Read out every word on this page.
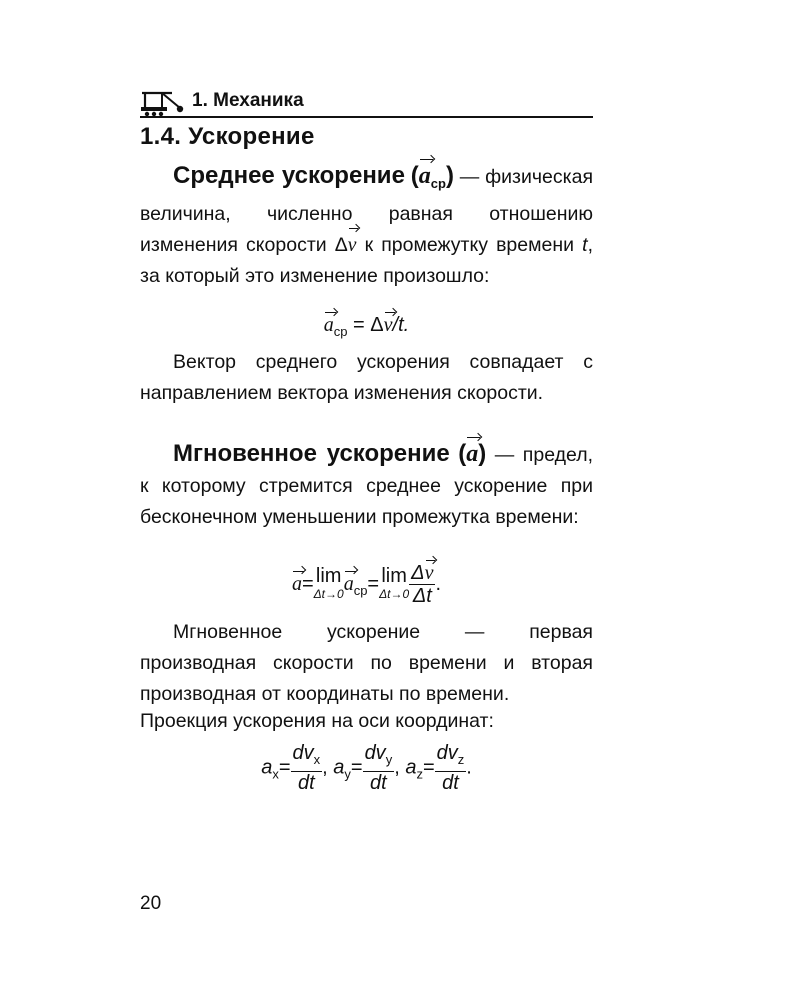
1. Механика
1.4. Ускорение
Среднее ускорение $(a_{ср})$ — физическая величина, численно равная отношению изменения скорости Δv к промежутку времени t, за который это изменение произошло:
$a_{ср} = \Delta v/t$.
Вектор среднего ускорения совпадает с направлением вектора изменения скорости.
Мгновенное ускорение (a) — предел, к которому стремится среднее ускорение при бесконечном уменьшении промежутка времени:
a= lim
Δt→0 $a_{cp}= \lim$
$\Delta t\to 0 \frac{\Delta v}{\Delta t}$ .
Мгновенное ускорение — первая производная скорости по времени и вторая производная от координаты по времени.
Проекция ускорения на оси координат:
$a_x= \frac{dv_x}{dt}$ , $a_y= \frac{dv_y}{dt}$ , $a_z= \frac{dv_z}{dt}$ .
20
